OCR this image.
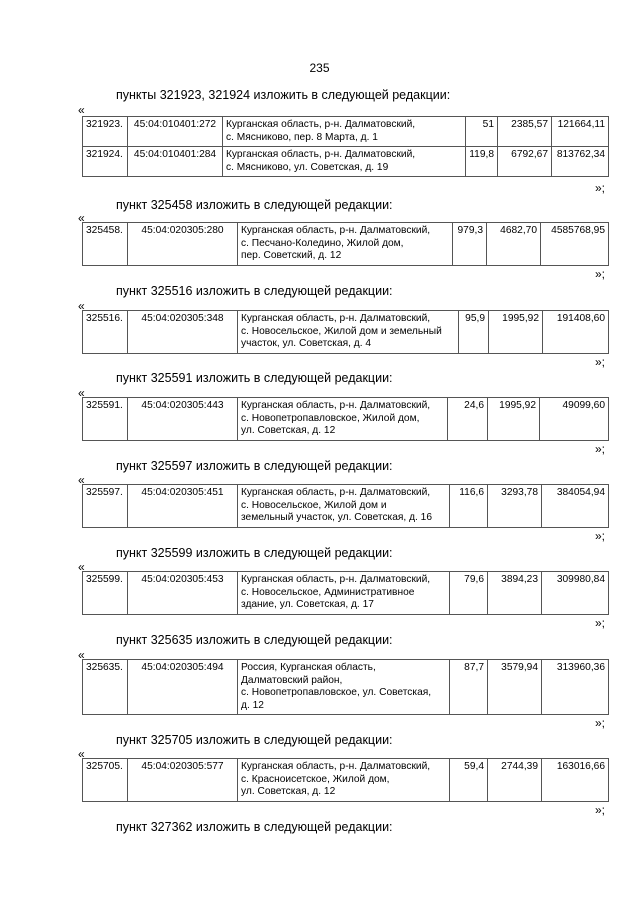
235
пункты 321923, 321924 изложить в следующей редакции:
«
321923.	45:04:010401:272	Курганская область, р-н. Далматовский,
с. Мясниково, пер. 8 Марта, д. 1	51	2385,57	121664,11
321924.	45:04:010401:284	Курганская область, р-н. Далматовский,
с. Мясниково, ул. Советская, д. 19	119,8	6792,67	813762,34
»;
пункт 325458 изложить в следующей редакции:
«
325458.	45:04:020305:280	Курганская область, р-н. Далматовский,
с. Песчано-Коледино, Жилой дом,
пер. Советский, д. 12	979,3	4682,70	4585768,95
»;
пункт 325516 изложить в следующей редакции:
«
325516.	45:04:020305:348	Курганская область, р-н. Далматовский,
с. Новосельское, Жилой дом и земельный
участок, ул. Советская, д. 4	95,9	1995,92	191408,60
»;
пункт 325591 изложить в следующей редакции:
«
325591.	45:04:020305:443	Курганская область, р-н. Далматовский,
с. Новопетропавловское, Жилой дом,
ул. Советская, д. 12	24,6	1995,92	49099,60
»;
пункт 325597 изложить в следующей редакции:
«
325597.	45:04:020305:451	Курганская область, р-н. Далматовский,
с. Новосельское, Жилой дом и
земельный участок, ул. Советская, д. 16	116,6	3293,78	384054,94
»;
пункт 325599 изложить в следующей редакции:
«
325599.	45:04:020305:453	Курганская область, р-н. Далматовский,
с. Новосельское, Административное
здание, ул. Советская, д. 17	79,6	3894,23	309980,84
»;
пункт 325635 изложить в следующей редакции:
«
325635.	45:04:020305:494	Россия, Курганская область,
Далматовский район,
с. Новопетропавловское, ул. Советская,
д. 12	87,7	3579,94	313960,36
»;
пункт 325705 изложить в следующей редакции:
«
325705.	45:04:020305:577	Курганская область, р-н. Далматовский,
с. Красноисетское, Жилой дом,
ул. Советская, д. 12	59,4	2744,39	163016,66
»;
пункт 327362 изложить в следующей редакции:
